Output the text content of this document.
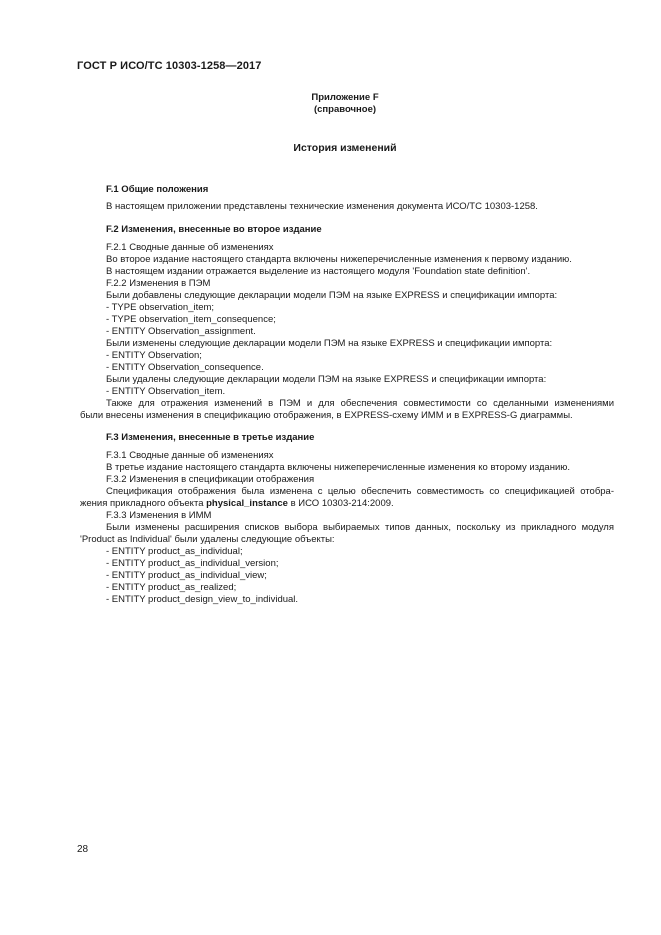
ГОСТ Р ИСО/ТС 10303-1258—2017
Приложение F
(справочное)
История изменений
F.1 Общие положения
В настоящем приложении представлены технические изменения документа ИСО/ТС 10303-1258.
F.2 Изменения, внесенные во второе издание
F.2.1 Сводные данные об изменениях
Во второе издание настоящего стандарта включены нижеперечисленные изменения к первому изданию.
В настоящем издании отражается выделение из настоящего модуля 'Foundation state definition'.
F.2.2 Изменения в ПЭМ
Были добавлены следующие декларации модели ПЭМ на языке EXPRESS и спецификации импорта:
- TYPE observation_item;
- TYPE observation_item_consequence;
- ENTITY Observation_assignment.
Были изменены следующие декларации модели ПЭМ на языке EXPRESS и спецификации импорта:
- ENTITY Observation;
- ENTITY Observation_consequence.
Были удалены следующие декларации модели ПЭМ на языке EXPRESS и спецификации импорта:
- ENTITY Observation_item.
Также для отражения изменений в ПЭМ и для обеспечения совместимости со сделанными изменениями
были внесены изменения в спецификацию отображения, в EXPRESS-схему ИММ и в EXPRESS-G диаграммы.
F.3 Изменения, внесенные в третье издание
F.3.1 Сводные данные об изменениях
В третье издание настоящего стандарта включены нижеперечисленные изменения ко второму изданию.
F.3.2 Изменения в спецификации отображения
Спецификация отображения была изменена с целью обеспечить совместимость со спецификацией отобра-
жения прикладного объекта physical_instance в ИСО 10303-214:2009.
F.3.3 Изменения в ИММ
Были изменены расширения списков выбора выбираемых типов данных, поскольку из прикладного модуля
'Product as Individual' были удалены следующие объекты:
- ENTITY product_as_individual;
- ENTITY product_as_individual_version;
- ENTITY product_as_individual_view;
- ENTITY product_as_realized;
- ENTITY product_design_view_to_individual.
28
